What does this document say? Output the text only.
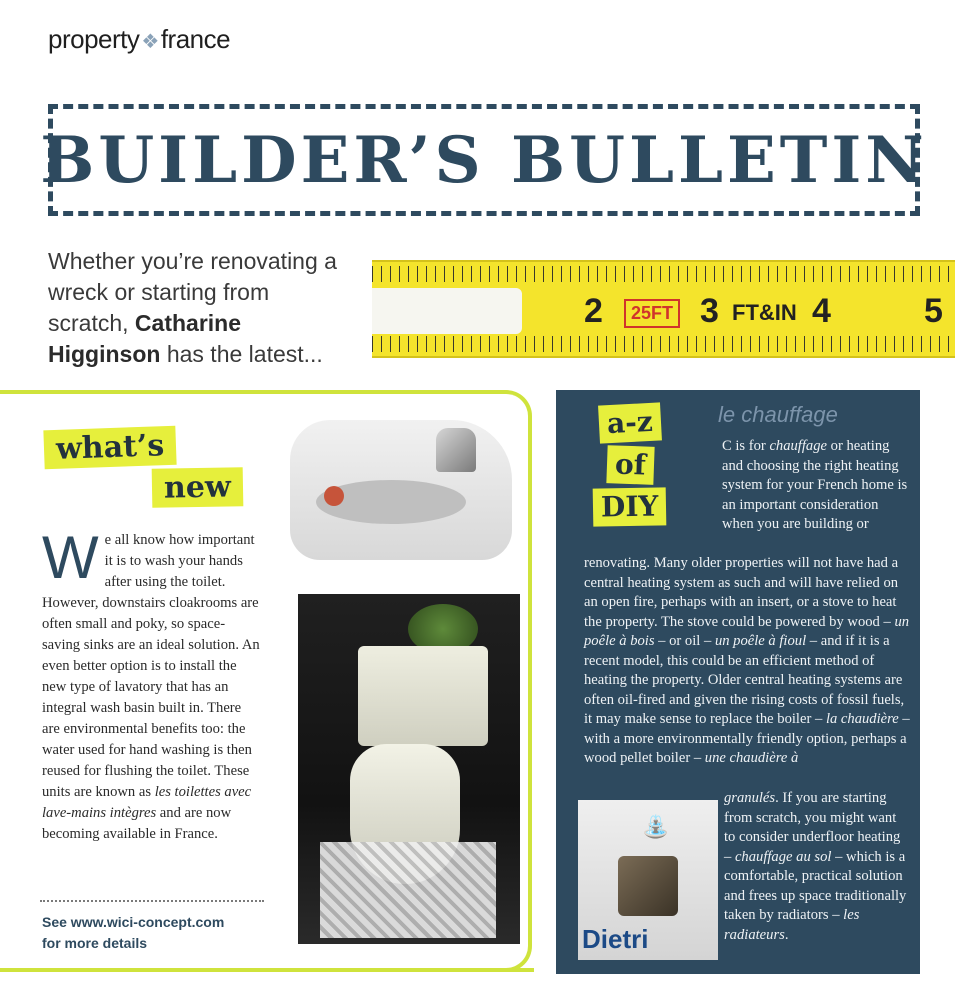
property ❖france
BUILDER’S BULLETIN
Whether you’re renovating a wreck or starting from scratch, Catharine Higginson has the latest...
2	25FT 3 FT&IN 4	5
what’s
new
We all know how important it is to wash your hands after using the toilet. However, downstairs cloakrooms are often small and poky, so space-saving sinks are an ideal solution. An even better option is to install the new type of lavatory that has an integral wash basin built in. There are environmental benefits too: the water used for hand washing is then reused for flushing the toilet. These units are known as les toilettes avec lave-mains intègres and are now becoming available in France.
See www.wici-concept.com
for more details
le chauffage
a-z
of
DIY
C is for chauffage or heating and choosing the right heating system for your French home is an important consideration when you are building or
renovating. Many older properties will not have had a central heating system as such and will have relied on an open fire, perhaps with an insert, or a stove to heat the property. The stove could be powered by wood – un poêle à bois – or oil – un poêle à fioul – and if it is a recent model, this could be an efficient method of heating the property. Older central heating systems are often oil-fired and given the rising costs of fossil fuels, it may make sense to replace the boiler – la chaudière – with a more environmentally friendly option, perhaps a wood pellet boiler – une chaudière à
⛲
Dietri
granulés. If you are starting from scratch, you might want to consider underfloor heating – chauffage au sol – which is a comfortable, practical solution and frees up space traditionally taken by radiators – les radiateurs.
